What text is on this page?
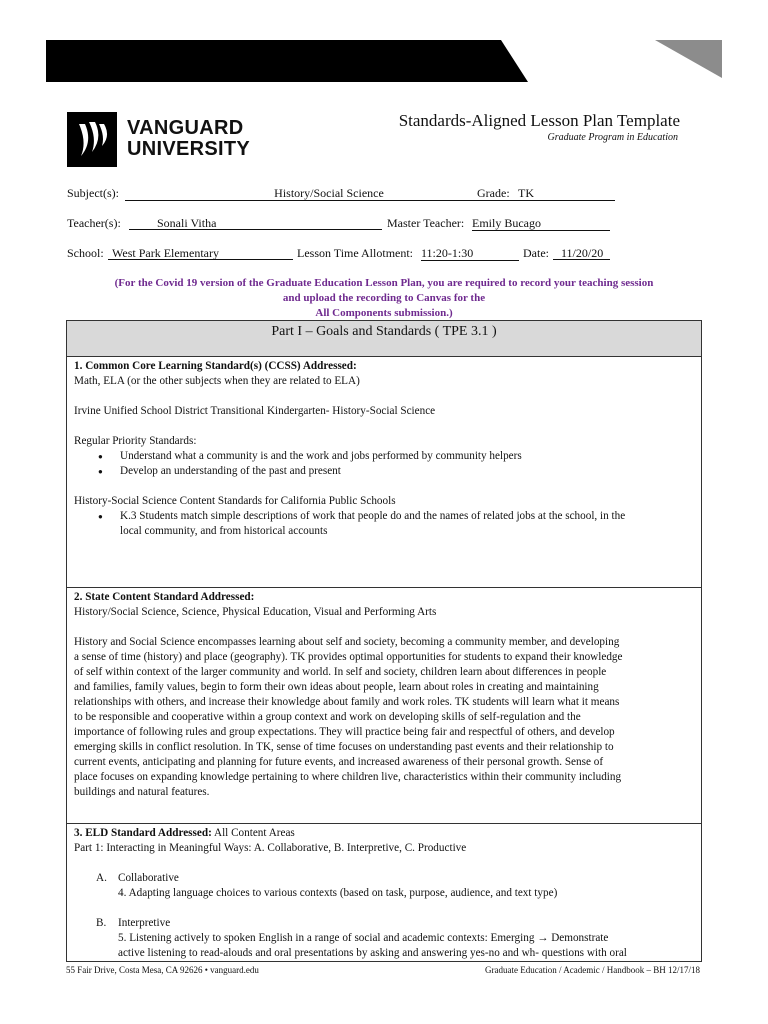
VANGUARD
UNIVERSITY
Standards-Aligned Lesson Plan Template
Graduate Program in Education
Subject(s):	History/Social Science	Grade: TK
Teacher(s):	Sonali Vitha	Master Teacher: Emily Bucago
School: West Park Elementary	Lesson Time Allotment: 11:20-1:30	Date:	11/20/20
(For the Covid 19 version of the Graduate Education Lesson Plan, you are required to record your teaching session
and upload the recording to Canvas for the
All Components submission.)
Part I – Goals and Standards ( TPE 3.1 )
1. Common Core Learning Standard(s) (CCSS) Addressed:
Math, ELA (or the other subjects when they are related to ELA)
Irvine Unified School District Transitional Kindergarten- History-Social Science
Regular Priority Standards:
● Understand what a community is and the work and jobs performed by community helpers
● Develop an understanding of the past and present
History-Social Science Content Standards for California Public Schools
● K.3 Students match simple descriptions of work that people do and the names of related jobs at the school, in the
local community, and from historical accounts
2. State Content Standard Addressed:
History/Social Science, Science, Physical Education, Visual and Performing Arts
History and Social Science encompasses learning about self and society, becoming a community member, and developing
a sense of time (history) and place (geography). TK provides optimal opportunities for students to expand their knowledge
of self within context of the larger community and world. In self and society, children learn about differences in people
and families, family values, begin to form their own ideas about people, learn about roles in creating and maintaining
relationships with others, and increase their knowledge about family and work roles. TK students will learn what it means
to be responsible and cooperative within a group context and work on developing skills of self-regulation and the
importance of following rules and group expectations. They will practice being fair and respectful of others, and develop
emerging skills in conflict resolution. In TK, sense of time focuses on understanding past events and their relationship to
current events, anticipating and planning for future events, and increased awareness of their personal growth. Sense of
place focuses on expanding knowledge pertaining to where children live, characteristics within their community including
buildings and natural features.
3. ELD Standard Addressed: All Content Areas
Part 1: Interacting in Meaningful Ways: A. Collaborative, B. Interpretive, C. Productive
A. Collaborative
4. Adapting language choices to various contexts (based on task, purpose, audience, and text type)
B. Interpretive
5. Listening actively to spoken English in a range of social and academic contexts: Emerging → Demonstrate
active listening to read-alouds and oral presentations by asking and answering yes-no and wh- questions with oral
55 Fair Drive, Costa Mesa, CA 92626 • vanguard.edu	Graduate Education / Academic / Handbook – BH 12/17/18
